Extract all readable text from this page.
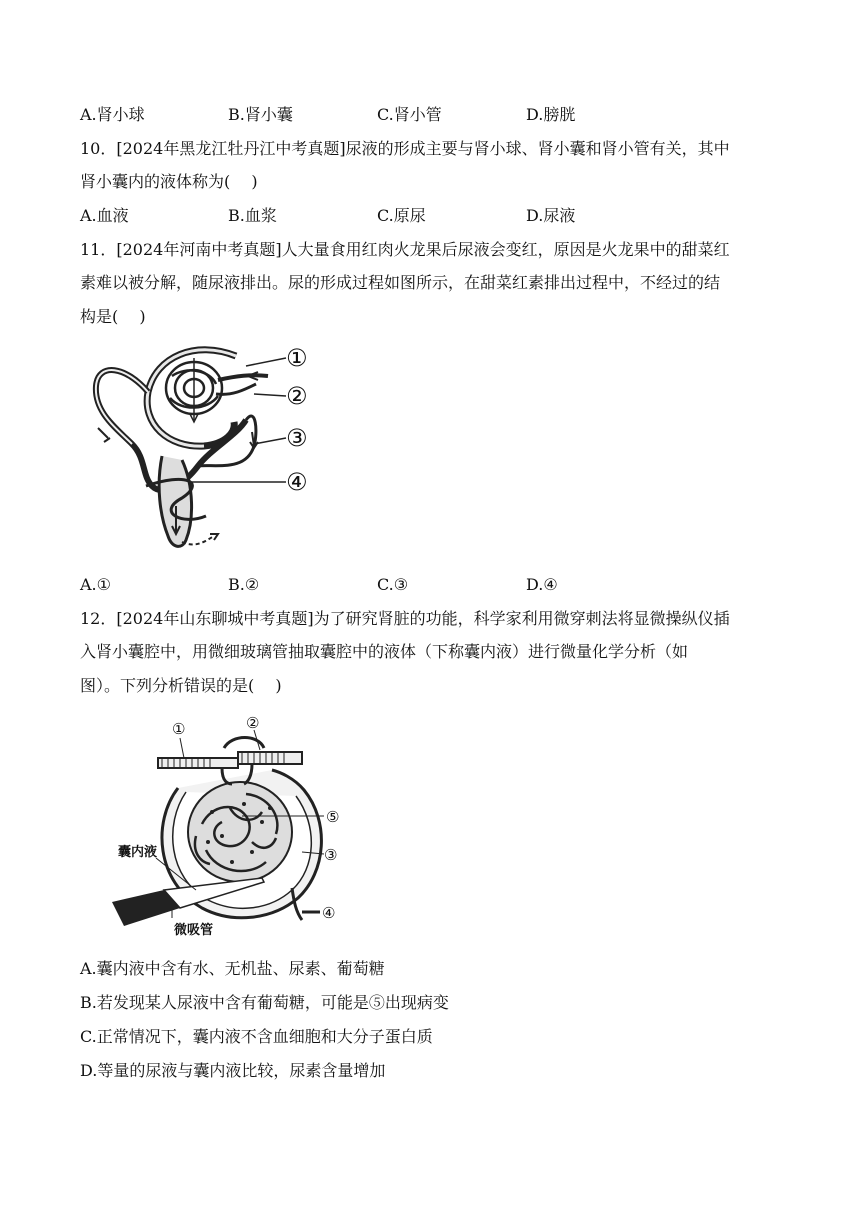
A.肾小球	B.肾小囊	C.肾小管	D.膀胱
10．[2024年黑龙江牡丹江中考真题]尿液的形成主要与肾小球、肾小囊和肾小管有关，其中
肾小囊内的液体称为(　 )
A.血液	B.血浆	C.原尿	D.尿液
11．[2024年河南中考真题]人大量食用红肉火龙果后尿液会变红，原因是火龙果中的甜菜红
素难以被分解，随尿液排出。尿的形成过程如图所示，在甜菜红素排出过程中，不经过的结
构是(　 )
①
②
③
④
A.①	B.②	C.③	D.④
12．[2024年山东聊城中考真题]为了研究肾脏的功能，科学家利用微穿刺法将显微操纵仪插
入肾小囊腔中，用微细玻璃管抽取囊腔中的液体（下称囊内液）进行微量化学分析（如
图）。下列分析错误的是(　 )
①	②
⑤
③
④
囊内液
微吸管
A.囊内液中含有水、无机盐、尿素、葡萄糖
B.若发现某人尿液中含有葡萄糖，可能是⑤出现病变
C.正常情况下，囊内液不含血细胞和大分子蛋白质
D.等量的尿液与囊内液比较，尿素含量增加
